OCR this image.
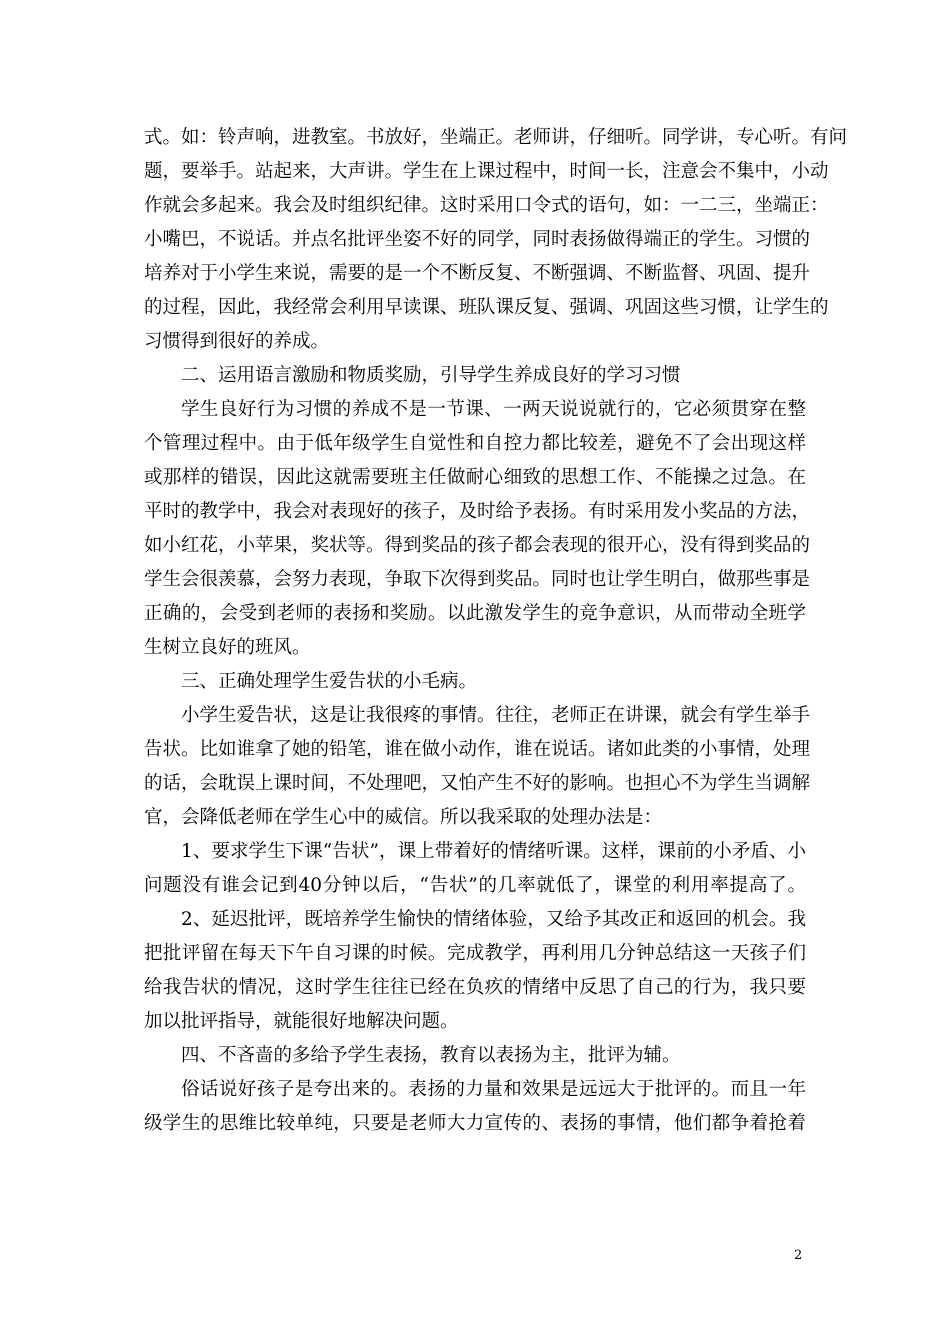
式。如：铃声响，进教室。书放好，坐端正。老师讲，仔细听。同学讲，专心听。有问
题，要举手。站起来，大声讲。学生在上课过程中，时间一长，注意会不集中，小动
作就会多起来。我会及时组织纪律。这时采用口令式的语句，如：一二三，坐端正：
小嘴巴，不说话。并点名批评坐姿不好的同学，同时表扬做得端正的学生。习惯的
培养对于小学生来说，需要的是一个不断反复、不断强调、不断监督、巩固、提升
的过程，因此，我经常会利用早读课、班队课反复、强调、巩固这些习惯，让学生的
习惯得到很好的养成。
二、运用语言激励和物质奖励，引导学生养成良好的学习习惯
学生良好行为习惯的养成不是一节课、一两天说说就行的，它必须贯穿在整
个管理过程中。由于低年级学生自觉性和自控力都比较差，避免不了会出现这样
或那样的错误，因此这就需要班主任做耐心细致的思想工作、不能操之过急。在
平时的教学中，我会对表现好的孩子，及时给予表扬。有时采用发小奖品的方法，
如小红花，小苹果，奖状等。得到奖品的孩子都会表现的很开心，没有得到奖品的
学生会很羡慕，会努力表现，争取下次得到奖品。同时也让学生明白，做那些事是
正确的，会受到老师的表扬和奖励。以此激发学生的竞争意识，从而带动全班学
生树立良好的班风。
三、正确处理学生爱告状的小毛病。
小学生爱告状，这是让我很疼的事情。往往，老师正在讲课，就会有学生举手
告状。比如谁拿了她的铅笔，谁在做小动作，谁在说话。诸如此类的小事情，处理
的话，会耽误上课时间，不处理吧，又怕产生不好的影响。也担心不为学生当调解
官，会降低老师在学生心中的威信。所以我采取的处理办法是：
1、要求学生下课“告状”，课上带着好的情绪听课。这样，课前的小矛盾、小
问题没有谁会记到40分钟以后，“告状”的几率就低了，课堂的利用率提高了。
2、延迟批评，既培养学生愉快的情绪体验，又给予其改正和返回的机会。我
把批评留在每天下午自习课的时候。完成教学，再利用几分钟总结这一天孩子们
给我告状的情况，这时学生往往已经在负疚的情绪中反思了自己的行为，我只要
加以批评指导，就能很好地解决问题。
四、不吝啬的多给予学生表扬，教育以表扬为主，批评为辅。
俗话说好孩子是夸出来的。表扬的力量和效果是远远大于批评的。而且一年
级学生的思维比较单纯，只要是老师大力宣传的、表扬的事情，他们都争着抢着
2
